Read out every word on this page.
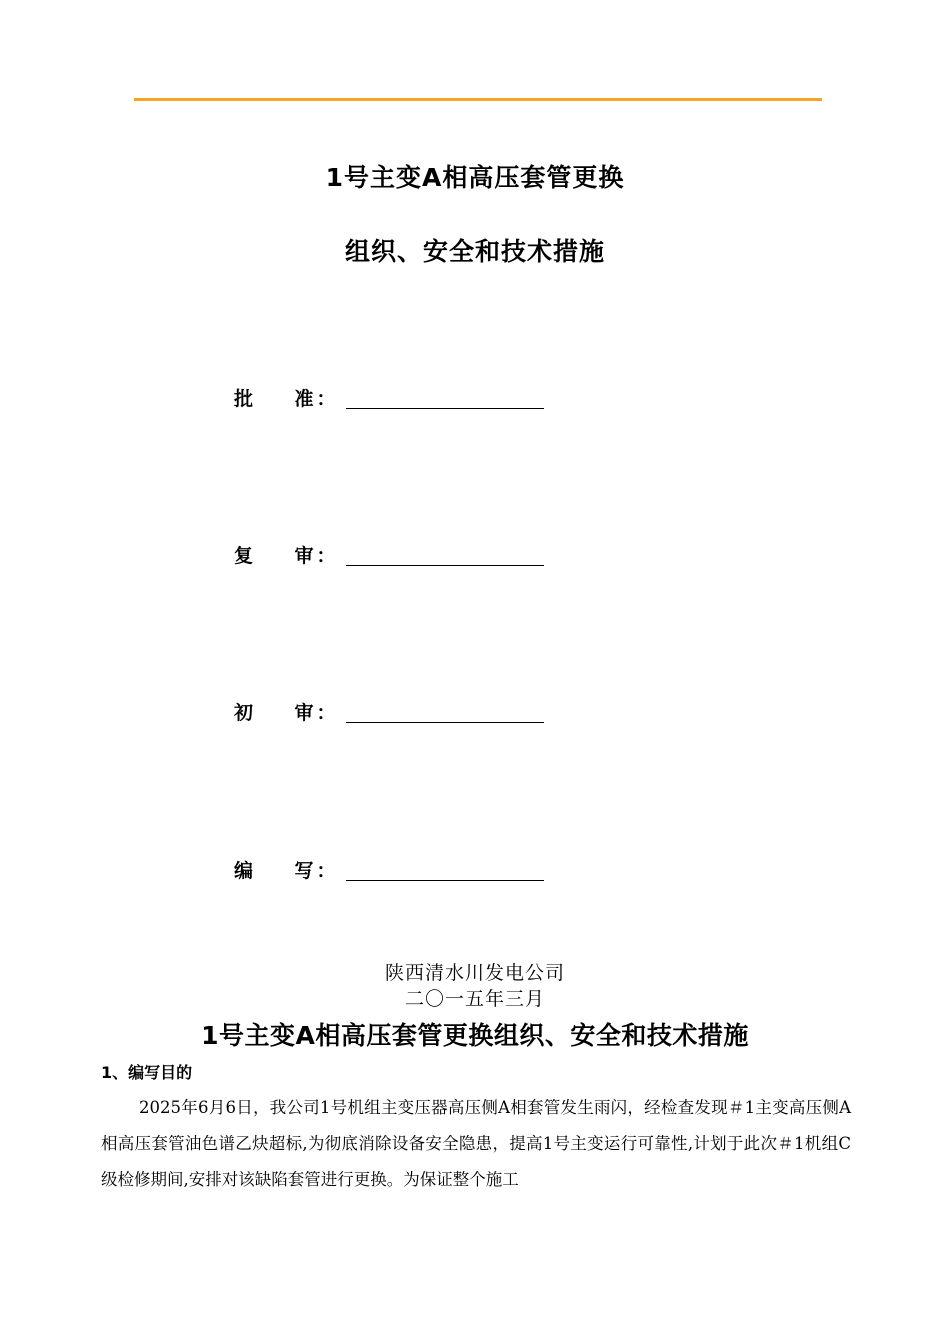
1号主变A相高压套管更换
组织、安全和技术措施
批    准：
复    审：
初    审：
编    写：
陕西清水川发电公司
二〇一五年三月
1号主变A相高压套管更换组织、安全和技术措施
1、编写目的

2025年6月6日，我公司1号机组主变压器高压侧A相套管发生雨闪，经检查发现＃1主变高压侧A相高压套管油色谱乙炔超标,为彻底消除设备安全隐患，提高1号主变运行可靠性,计划于此次＃1机组C级检修期间,安排对该缺陷套管进行更换。为保证整个施工
